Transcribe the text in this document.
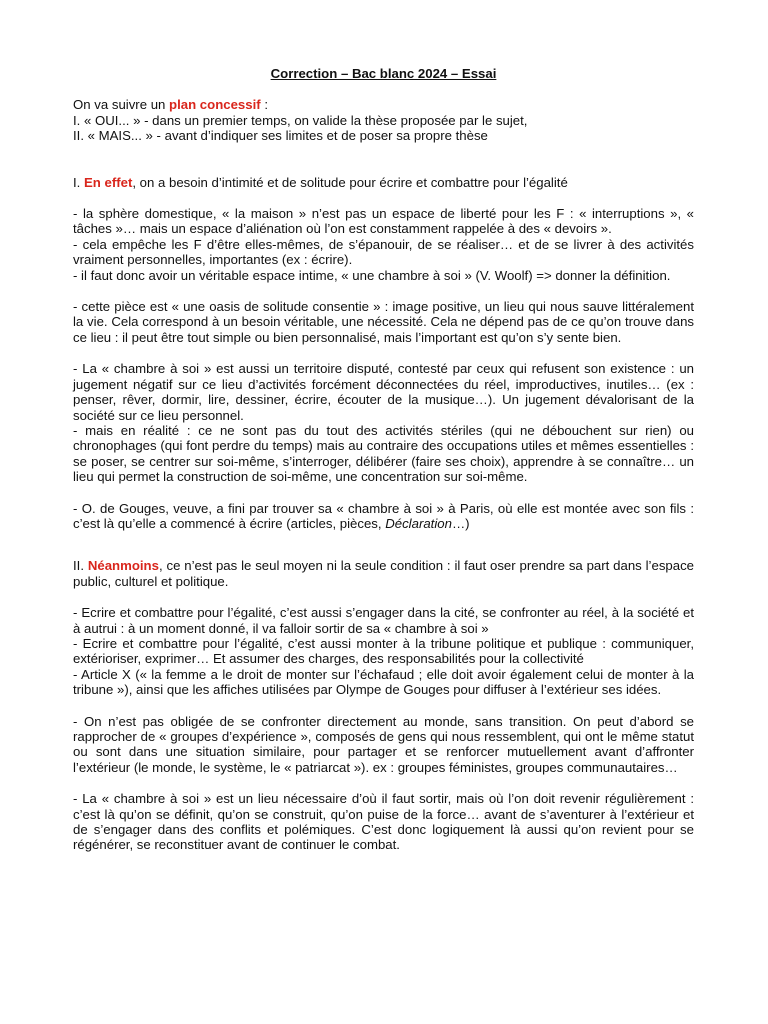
Correction – Bac blanc 2024 – Essai

On va suivre un plan concessif :

I. « OUI... » - dans un premier temps, on valide la thèse proposée par le sujet,

II. « MAIS... » - avant d’indiquer ses limites et de poser sa propre thèse

I. En effet, on a besoin d’intimité et de solitude pour écrire et combattre pour l’égalité

- la sphère domestique, « la maison » n’est pas un espace de liberté pour les F : « interruptions », « tâches »… mais un espace d’aliénation où l’on est constamment rappelée à des « devoirs ».

- cela empêche les F d’être elles-mêmes, de s’épanouir, de se réaliser… et de se livrer à des activités vraiment personnelles, importantes (ex : écrire).

- il faut donc avoir un véritable espace intime, « une chambre à soi » (V. Woolf) => donner la définition.

- cette pièce est « une oasis de solitude consentie » : image positive, un lieu qui nous sauve littéralement la vie. Cela correspond à un besoin véritable, une nécessité. Cela ne dépend pas de ce qu’on trouve dans ce lieu : il peut être tout simple ou bien personnalisé, mais l’important est qu’on s’y sente bien.

- La « chambre à soi » est aussi un territoire disputé, contesté par ceux qui refusent son existence : un jugement négatif sur ce lieu d’activités forcément déconnectées du réel, improductives, inutiles… (ex : penser, rêver, dormir, lire, dessiner, écrire, écouter de la musique…). Un jugement dévalorisant de la société sur ce lieu personnel.

- mais en réalité : ce ne sont pas du tout des activités stériles (qui ne débouchent sur rien) ou chronophages (qui font perdre du temps) mais au contraire des occupations utiles et mêmes essentielles : se poser, se centrer sur soi-même, s’interroger, délibérer (faire ses choix), apprendre à se connaître… un lieu qui permet la construction de soi-même, une concentration sur soi-même.

- O. de Gouges, veuve, a fini par trouver sa « chambre à soi » à Paris, où elle est montée avec son fils : c’est là qu’elle a commencé à écrire (articles, pièces, Déclaration…)

II. Néanmoins, ce n’est pas le seul moyen ni la seule condition : il faut oser prendre sa part dans l’espace public, culturel et politique.

- Ecrire et combattre pour l’égalité, c’est aussi s’engager dans la cité, se confronter au réel, à la société et à autrui : à un moment donné, il va falloir sortir de sa « chambre à soi »

- Ecrire et combattre pour l’égalité, c’est aussi monter à la tribune politique et publique : communiquer, extérioriser, exprimer… Et assumer des charges, des responsabilités pour la collectivité

- Article X (« la femme a le droit de monter sur l’échafaud ; elle doit avoir également celui de monter à la tribune »), ainsi que les affiches utilisées par Olympe de Gouges pour diffuser à l’extérieur ses idées.

- On n’est pas obligée de se confronter directement au monde, sans transition. On peut d’abord se rapprocher de « groupes d’expérience », composés de gens qui nous ressemblent, qui ont le même statut ou sont dans une situation similaire, pour partager et se renforcer mutuellement avant d’affronter l’extérieur (le monde, le système, le « patriarcat »). ex : groupes féministes, groupes communautaires…

- La « chambre à soi » est un lieu nécessaire d’où il faut sortir, mais où l’on doit revenir régulièrement : c’est là qu’on se définit, qu’on se construit, qu’on puise de la force… avant de s’aventurer à l’extérieur et de s’engager dans des conflits et polémiques. C’est donc logiquement là aussi qu’on revient pour se régénérer, se reconstituer avant de continuer le combat.
